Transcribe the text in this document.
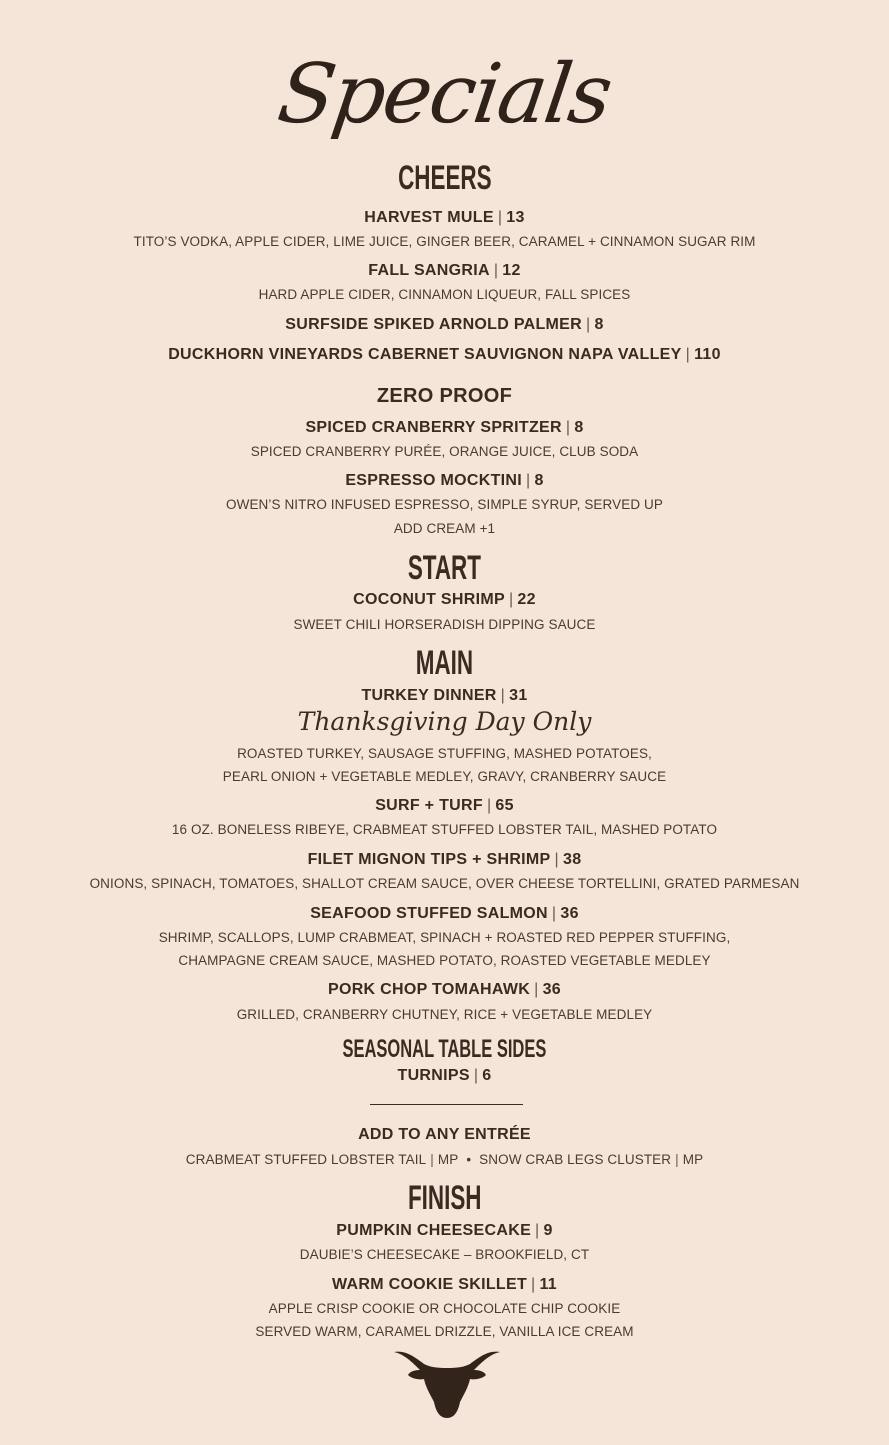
Specials
CHEERS
HARVEST MULE | 13
TITO’S VODKA, APPLE CIDER, LIME JUICE, GINGER BEER, CARAMEL + CINNAMON SUGAR RIM
FALL SANGRIA | 12
HARD APPLE CIDER, CINNAMON LIQUEUR, FALL SPICES
SURFSIDE SPIKED ARNOLD PALMER | 8
DUCKHORN VINEYARDS CABERNET SAUVIGNON NAPA VALLEY | 110
ZERO PROOF
SPICED CRANBERRY SPRITZER | 8
SPICED CRANBERRY PURÉE, ORANGE JUICE, CLUB SODA
ESPRESSO MOCKTINI | 8
OWEN’S NITRO INFUSED ESPRESSO, SIMPLE SYRUP, SERVED UP
ADD CREAM +1
START
COCONUT SHRIMP | 22
SWEET CHILI HORSERADISH DIPPING SAUCE
MAIN
TURKEY DINNER | 31
Thanksgiving Day Only
ROASTED TURKEY, SAUSAGE STUFFING, MASHED POTATOES,
PEARL ONION + VEGETABLE MEDLEY, GRAVY, CRANBERRY SAUCE
SURF + TURF | 65
16 OZ. BONELESS RIBEYE, CRABMEAT STUFFED LOBSTER TAIL, MASHED POTATO
FILET MIGNON TIPS + SHRIMP | 38
ONIONS, SPINACH, TOMATOES, SHALLOT CREAM SAUCE, OVER CHEESE TORTELLINI, GRATED PARMESAN
SEAFOOD STUFFED SALMON | 36
SHRIMP, SCALLOPS, LUMP CRABMEAT, SPINACH + ROASTED RED PEPPER STUFFING,
CHAMPAGNE CREAM SAUCE, MASHED POTATO, ROASTED VEGETABLE MEDLEY
PORK CHOP TOMAHAWK | 36
GRILLED, CRANBERRY CHUTNEY, RICE + VEGETABLE MEDLEY
SEASONAL TABLE SIDES
TURNIPS | 6
ADD TO ANY ENTRÉE
CRABMEAT STUFFED LOBSTER TAIL | MP • SNOW CRAB LEGS CLUSTER | MP
FINISH
PUMPKIN CHEESECAKE | 9
DAUBIE’S CHEESECAKE – BROOKFIELD, CT
WARM COOKIE SKILLET | 11
APPLE CRISP COOKIE OR CHOCOLATE CHIP COOKIE
SERVED WARM, CARAMEL DRIZZLE, VANILLA ICE CREAM
